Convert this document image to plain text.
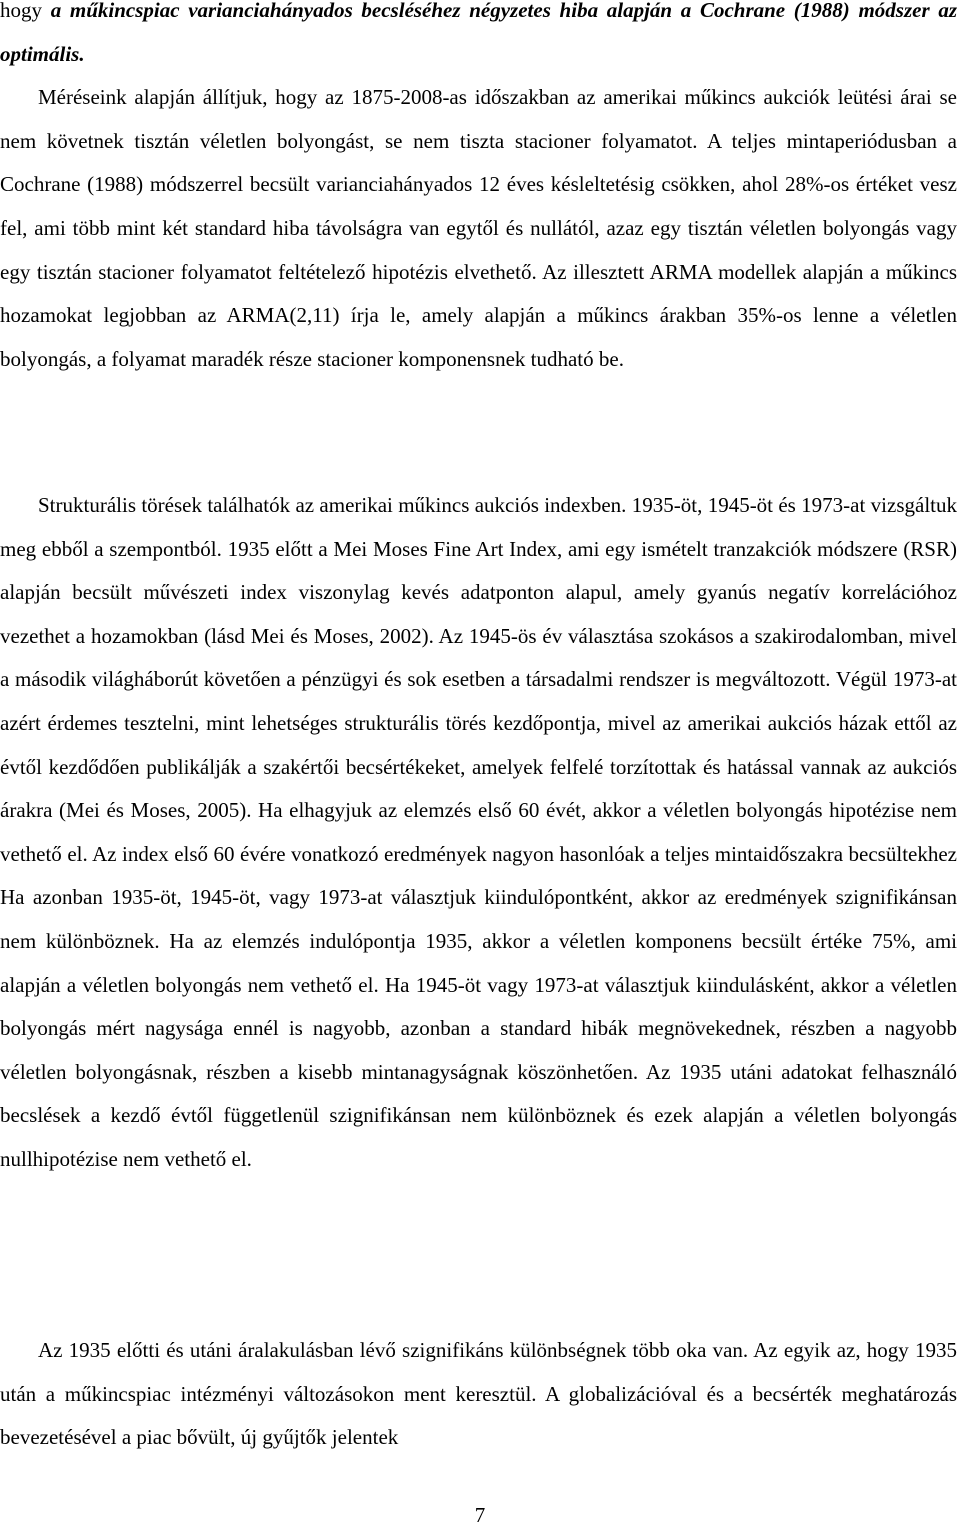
hogy a műkincspiac varianciahányados becsléséhez négyzetes hiba alapján a Cochrane (1988) módszer az optimális.

Méréseink alapján állítjuk, hogy az 1875-2008-as időszakban az amerikai műkincs aukciók leütési árai se nem követnek tisztán véletlen bolyongást, se nem tiszta stacioner folyamatot. A teljes mintaperiódusban a Cochrane (1988) módszerrel becsült varianciahányados 12 éves késleltetésig csökken, ahol 28%-os értéket vesz fel, ami több mint két standard hiba távolságra van egytől és nullától, azaz egy tisztán véletlen bolyongás vagy egy tisztán stacioner folyamatot feltételező hipotézis elvethető. Az illesztett ARMA modellek alapján a műkincs hozamokat legjobban az ARMA(2,11) írja le, amely alapján a műkincs árakban 35%-os lenne a véletlen bolyongás, a folyamat maradék része stacioner komponensnek tudható be.

Strukturális törések találhatók az amerikai műkincs aukciós indexben. 1935-öt, 1945-öt és 1973-at vizsgáltuk meg ebből a szempontból. 1935 előtt a Mei Moses Fine Art Index, ami egy ismételt tranzakciók módszere (RSR) alapján becsült művészeti index viszonylag kevés adatponton alapul, amely gyanús negatív korrelációhoz vezethet a hozamokban (lásd Mei és Moses, 2002). Az 1945-ös év választása szokásos a szakirodalomban, mivel a második világháborút követően a pénzügyi és sok esetben a társadalmi rendszer is megváltozott. Végül 1973-at azért érdemes tesztelni, mint lehetséges strukturális törés kezdőpontja, mivel az amerikai aukciós házak ettől az évtől kezdődően publikálják a szakértői becsértékeket, amelyek felfelé torzítottak és hatással vannak az aukciós árakra (Mei és Moses, 2005). Ha elhagyjuk az elemzés első 60 évét, akkor a véletlen bolyongás hipotézise nem vethető el. Az index első 60 évére vonatkozó eredmények nagyon hasonlóak a teljes mintaidőszakra becsültekhez Ha azonban 1935-öt, 1945-öt, vagy 1973-at választjuk kiindulópontként, akkor az eredmények szignifikánsan nem különböznek. Ha az elemzés indulópontja 1935, akkor a véletlen komponens becsült értéke 75%, ami alapján a véletlen bolyongás nem vethető el. Ha 1945-öt vagy 1973-at választjuk kiindulásként, akkor a véletlen bolyongás mért nagysága ennél is nagyobb, azonban a standard hibák megnövekednek, részben a nagyobb véletlen bolyongásnak, részben a kisebb mintanagyságnak köszönhetően. Az 1935 utáni adatokat felhasználó becslések a kezdő évtől függetlenül szignifikánsan nem különböznek és ezek alapján a véletlen bolyongás nullhipotézise nem vethető el.

Az 1935 előtti és utáni áralakulásban lévő szignifikáns különbségnek több oka van. Az egyik az, hogy 1935 után a műkincspiac intézményi változásokon ment keresztül. A globalizációval és a becsérték meghatározás bevezetésével a piac bővült, új gyűjtők jelentek

7
